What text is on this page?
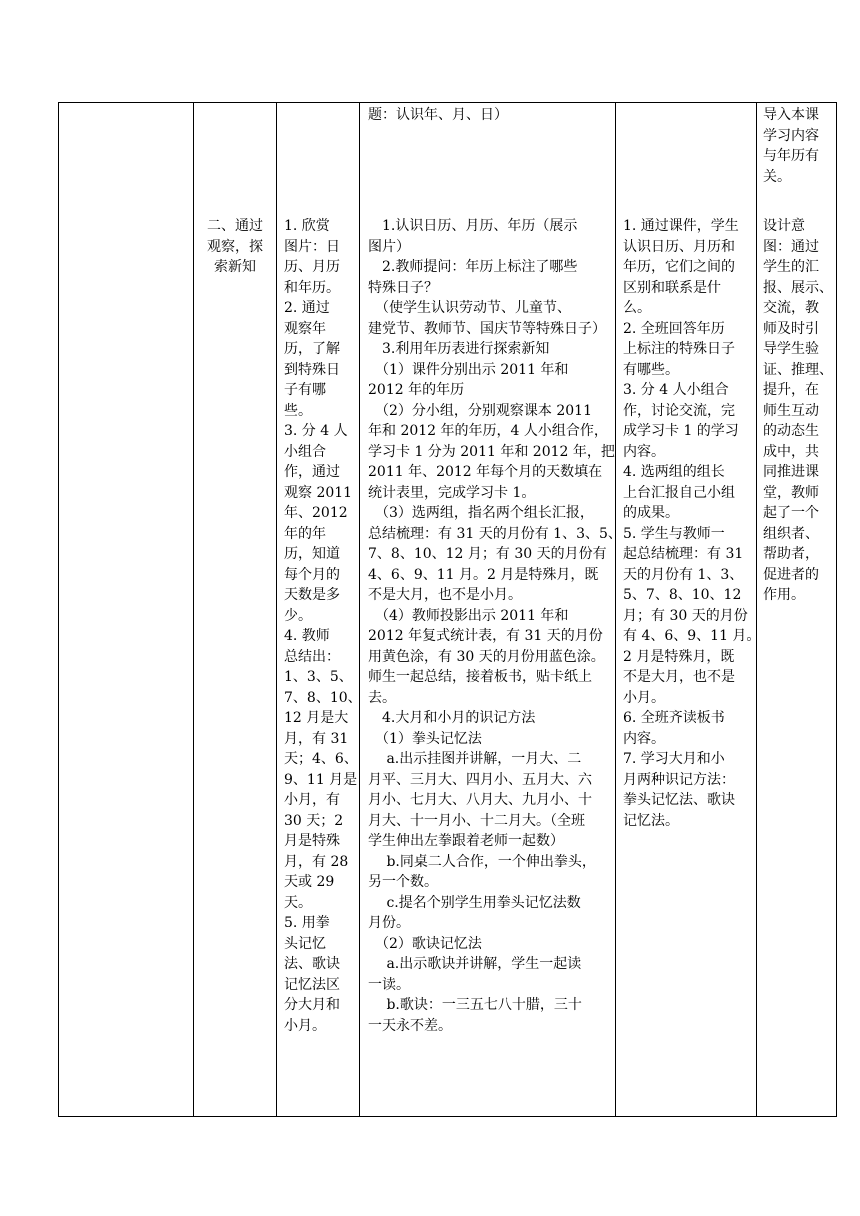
题：认识年、月、日）	导入本课

学习内容

与年历有

关。

二、通过

观察，探

索新知

1. 欣赏

图片：日

历、月历

和年历。

2. 通过

观察年

历，了解

到特殊日

子有哪

些。

3. 分 4 人

小组合

作，通过

观察 2011

年、2012

年的年

历，知道

每个月的

天数是多

少。

4. 教师

总结出：

1、3、5、

7、8、10、

12 月是大

月，有 31

天；4、6、

9、11 月是

小月，有

30 天；2

月是特殊

月，有 28

天或 29

天。

5. 用拳

头记忆

法、歌诀

记忆法区

分大月和

小月。

　1.认识日历、月历、年历（展示

图片）

　2.教师提问：年历上标注了哪些

特殊日子？

　（使学生认识劳动节、儿童节、

建党节、教师节、国庆节等特殊日子）

　3.利用年历表进行探索新知

　（1）课件分别出示 2011 年和

2012 年的年历

　（2）分小组，分别观察课本 2011

年和 2012 年的年历，4 人小组合作，

学习卡 1 分为 2011 年和 2012 年，把

2011 年、2012 年每个月的天数填在

统计表里，完成学习卡 1。

　（3）选两组，指名两个组长汇报，

总结梳理：有 31 天的月份有 1、3、5、

7、8、10、12 月；有 30 天的月份有

4、6、9、11 月。2 月是特殊月，既

不是大月，也不是小月。

　（4）教师投影出示 2011 年和

2012 年复式统计表，有 31 天的月份

用黄色涂，有 30 天的月份用蓝色涂。

师生一起总结，接着板书，贴卡纸上

去。

　4.大月和小月的识记方法

　（1）拳头记忆法

　 a.出示挂图并讲解，一月大、二

月平、三月大、四月小、五月大、六

月小、七月大、八月大、九月小、十

月大、十一月小、十二月大。（全班

学生伸出左拳跟着老师一起数）

　 b.同桌二人合作，一个伸出拳头，

另一个数。

　 c.提名个别学生用拳头记忆法数

月份。

　（2）歌诀记忆法

　 a.出示歌诀并讲解，学生一起读

一读。

　 b.歌诀：一三五七八十腊，三十

一天永不差。

1. 通过课件，学生

认识日历、月历和

年历，它们之间的

区别和联系是什

么。

2. 全班回答年历

上标注的特殊日子

有哪些。

3. 分 4 人小组合

作，讨论交流，完

成学习卡 1 的学习

内容。

4. 选两组的组长

上台汇报自己小组

的成果。

5. 学生与教师一

起总结梳理：有 31

天的月份有 1、3、

5、7、8、10、12

月；有 30 天的月份

有 4、6、9、11 月。

2 月是特殊月，既

不是大月，也不是

小月。

6. 全班齐读板书

内容。

7. 学习大月和小

月两种识记方法：

拳头记忆法、歌诀

记忆法。

设计意

图：通过

学生的汇

报、展示、

交流，教

师及时引

导学生验

证、推理、

提升，在

师生互动

的动态生

成中，共

同推进课

堂，教师

起了一个

组织者、

帮助者，

促进者的

作用。
